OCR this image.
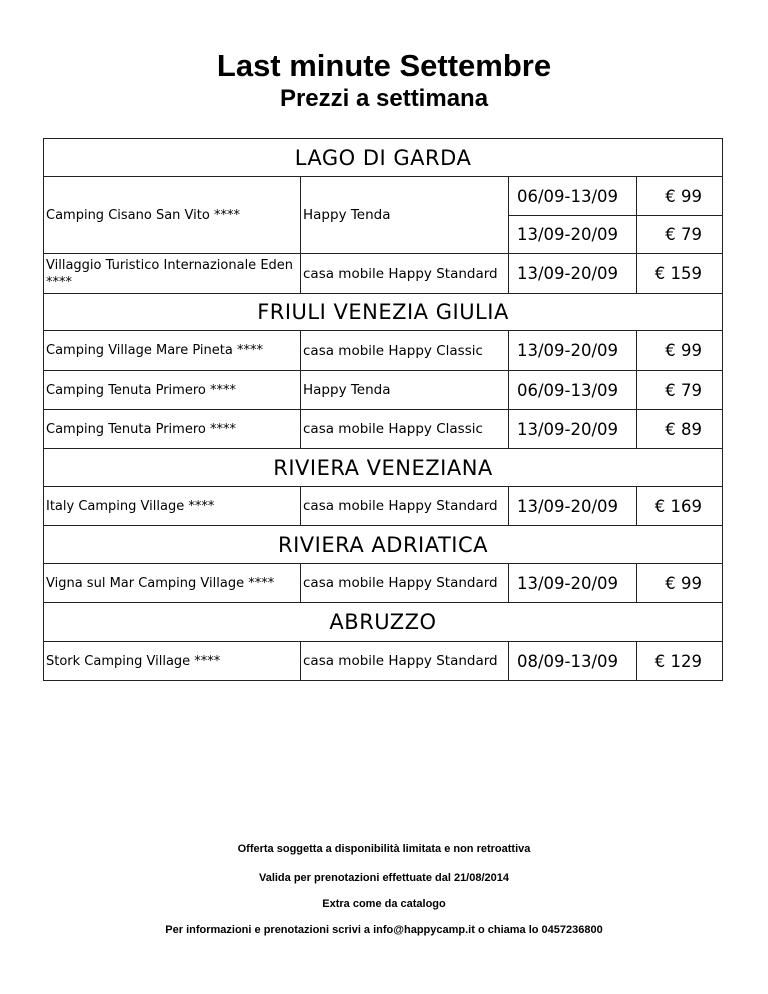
Last minute Settembre
Prezzi a settimana
LAGO DI GARDA			
Camping Cisano San Vito ****	Happy Tenda	06/09-13/09	€ 99
		13/09-20/09	€ 79
Villaggio Turistico Internazionale Eden ****	casa mobile Happy Standard	13/09-20/09	€ 159
FRIULI VENEZIA GIULIA			
Camping Village Mare Pineta ****	casa mobile Happy Classic	13/09-20/09	€ 99
Camping Tenuta Primero ****	Happy Tenda	06/09-13/09	€ 79
Camping Tenuta Primero ****	casa mobile Happy Classic	13/09-20/09	€ 89
RIVIERA VENEZIANA			
Italy Camping Village ****	casa mobile Happy Standard	13/09-20/09	€ 169
RIVIERA ADRIATICA			
Vigna sul Mar Camping Village ****	casa mobile Happy Standard	13/09-20/09	€ 99
ABRUZZO			
Stork Camping Village ****	casa mobile Happy Standard	08/09-13/09	€ 129
Offerta soggetta a disponibilità limitata e non retroattiva
Valida per prenotazioni effettuate dal 21/08/2014
Extra come da catalogo
Per informazioni e prenotazioni scrivi a info@happycamp.it o chiama lo 0457236800
